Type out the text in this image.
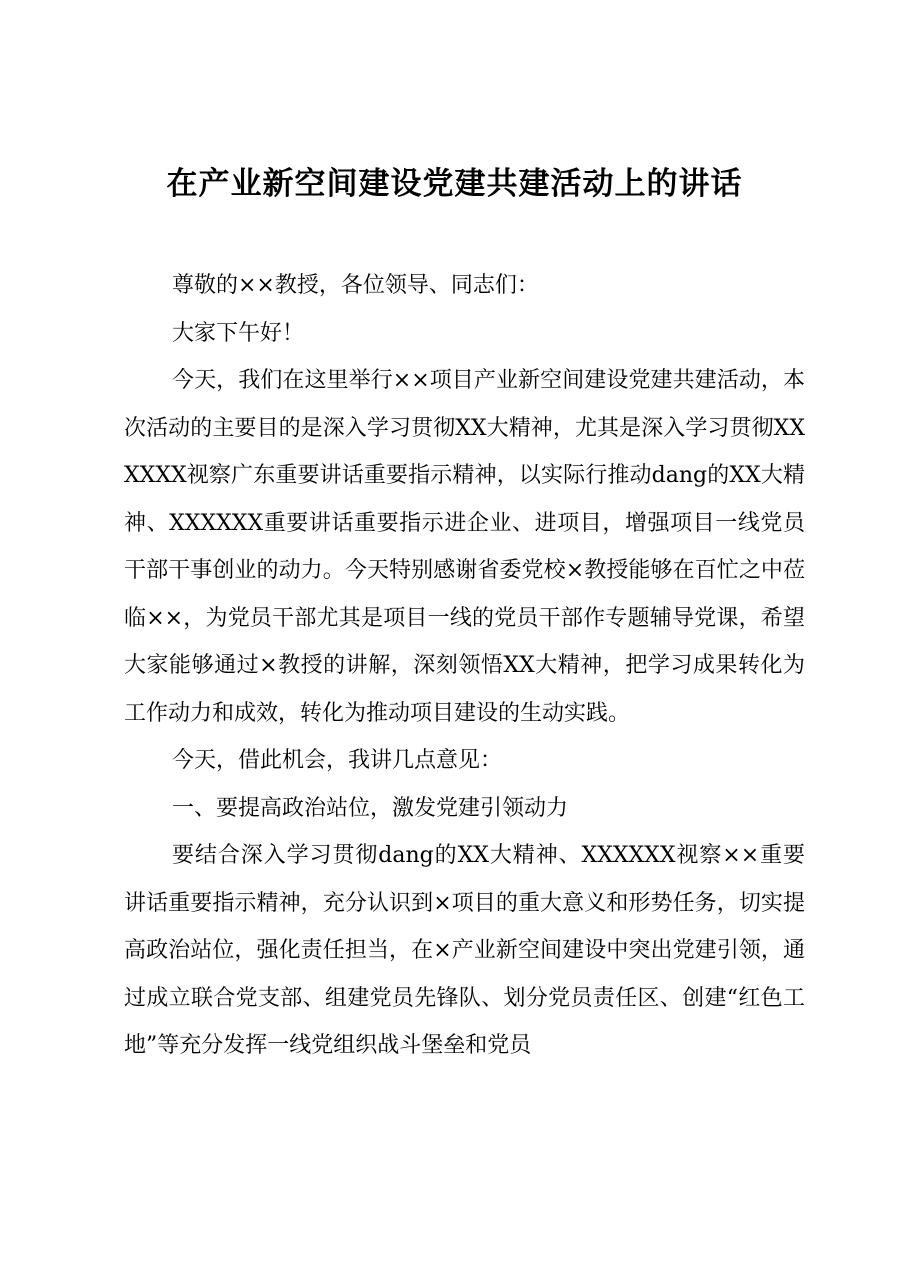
在产业新空间建设党建共建活动上的讲话

尊敬的××教授，各位领导、同志们：

大家下午好！

今天，我们在这里举行××项目产业新空间建设党建共建活动，本次活动的主要目的是深入学习贯彻XX大精神，尤其是深入学习贯彻XXXXXX视察广东重要讲话重要指示精神，以实际行推动dang的XX大精神、XXXXXX重要讲话重要指示进企业、进项目，增强项目一线党员干部干事创业的动力。今天特别感谢省委党校×教授能够在百忙之中莅临××，为党员干部尤其是项目一线的党员干部作专题辅导党课，希望大家能够通过×教授的讲解，深刻领悟XX大精神，把学习成果转化为工作动力和成效，转化为推动项目建设的生动实践。

今天，借此机会，我讲几点意见：

一、要提高政治站位，激发党建引领动力

要结合深入学习贯彻dang的XX大精神、XXXXXX视察××重要讲话重要指示精神，充分认识到×项目的重大意义和形势任务，切实提高政治站位，强化责任担当，在×产业新空间建设中突出党建引领，通过成立联合党支部、组建党员先锋队、划分党员责任区、创建“红色工地”等充分发挥一线党组织战斗堡垒和党员
